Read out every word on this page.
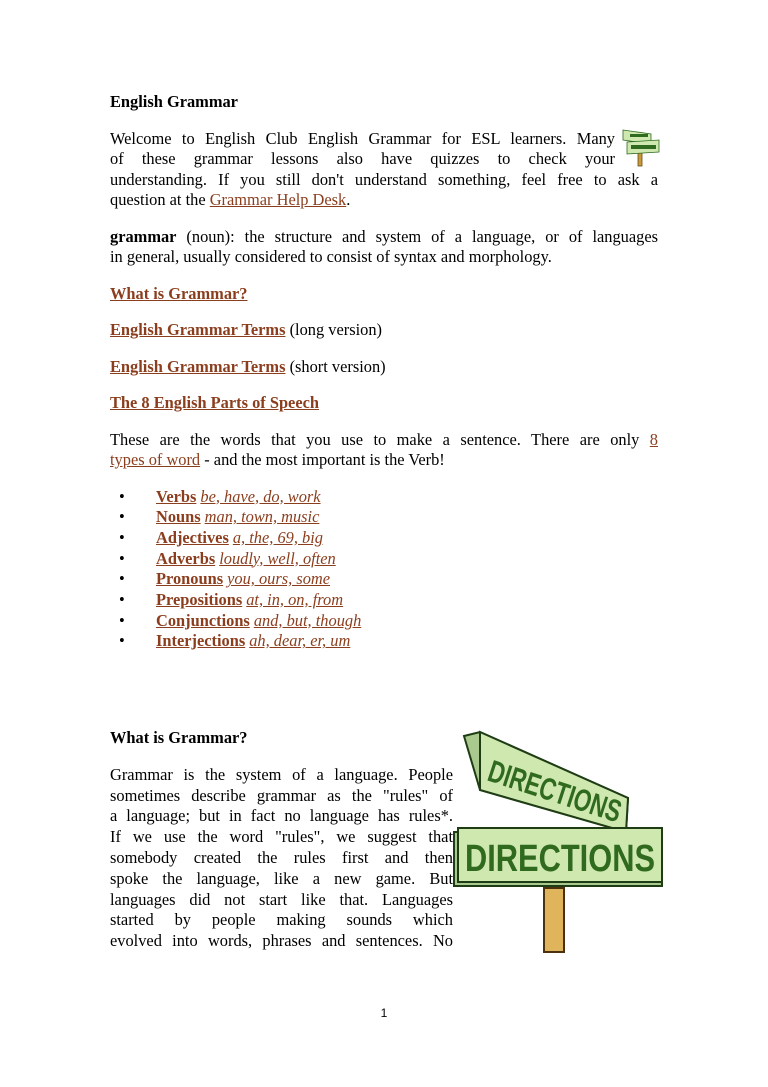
English Grammar

Welcome to English Club English Grammar for ESL learners. Many
of these grammar lessons also have quizzes to check your
understanding. If you still don't understand something, feel free to ask a
question at the Grammar Help Desk.

grammar (noun): the structure and system of a language, or of languages
in general, usually considered to consist of syntax and morphology.

What is Grammar?

English Grammar Terms (long version)

English Grammar Terms (short version)

The 8 English Parts of Speech

These are the words that you use to make a sentence. There are only 8
types of word - and the most important is the Verb!

• Verbs be, have, do, work
• Nouns man, town, music
• Adjectives a, the, 69, big
• Adverbs loudly, well, often
• Pronouns you, ours, some
• Prepositions at, in, on, from
• Conjunctions and, but, though
• Interjections ah, dear, er, um

What is Grammar?

Grammar is the system of a language. People
sometimes describe grammar as the "rules" of
a language; but in fact no language has rules*.
If we use the word "rules", we suggest that
somebody created the rules first and then
spoke the language, like a new game. But
languages did not start like that. Languages
started by people making sounds which
evolved into words, phrases and sentences. No

DIRECTIONS
DIRECTIONS
1
